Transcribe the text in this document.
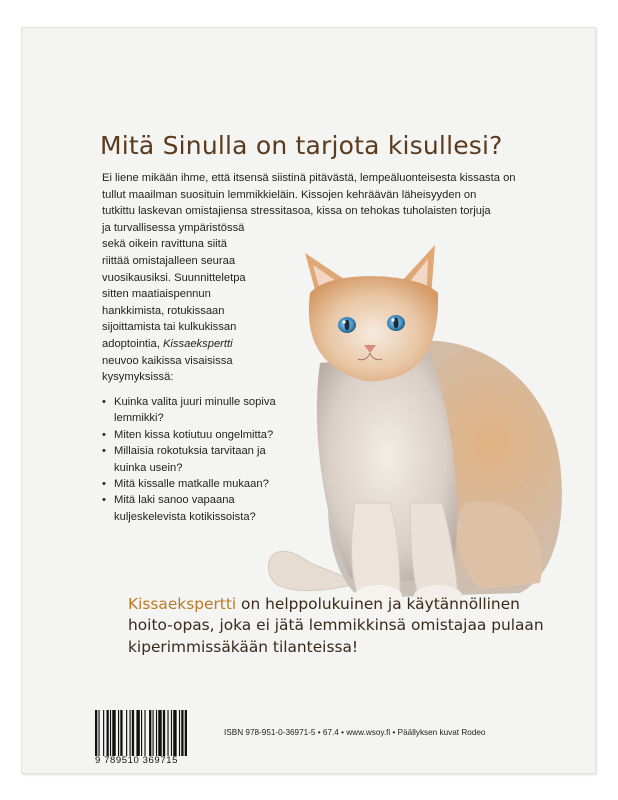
Mitä Sinulla on tarjota kisullesi?
Ei liene mikään ihme, että itsensä siistinä pitävästä, lempeäluonteisesta kissasta on
tullut maailman suosituin lemmikkieläin. Kissojen kehräävän läheisyyden on
tutkittu laskevan omistajiensa stressitasoa, kissa on tehokas tuholaisten torjuja
ja turvallisessa ympäristössä
sekä oikein ravittuna siitä
riittää omistajalleen seuraa
vuosikausiksi. Suunnitteletpa
sitten maatiaispennun
hankkimista, rotukissaan
sijoittamista tai kulkukissan
adoptointia, Kissaekspertti
neuvoo kaikissa visaisissa
kysymyksissä:
• Kuinka valita juuri minulle sopiva lemmikki?
• Miten kissa kotiutuu ongelmitta?
• Millaisia rokotuksia tarvitaan ja kuinka usein?
• Mitä kissalle matkalle mukaan?
• Mitä laki sanoo vapaana kuljeskelevista kotikissoista?

Kissaekspertti on helppolukuinen ja käytännöllinen hoito-opas, joka ei jätä lemmikkinsä omistajaa pulaan kiperimmissäkään tilanteissa!

9 789510 369715

ISBN 978-951-0-36971-5 • 67.4 • www.wsoy.fi • Päällyksen kuvat Rodeo
